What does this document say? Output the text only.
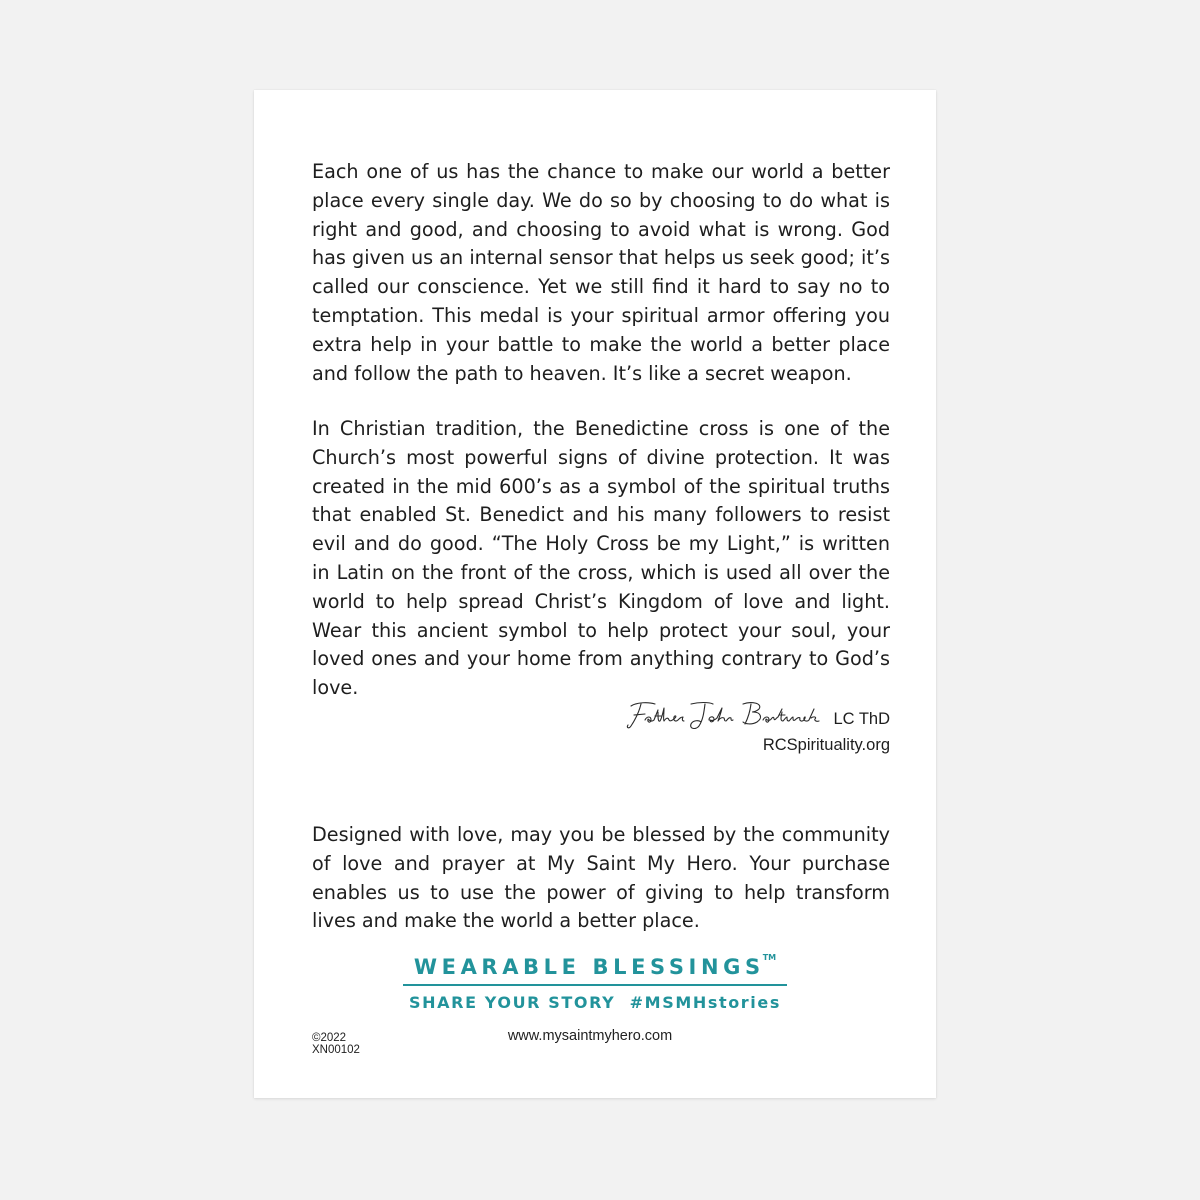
Each one of us has the chance to make our world a better place every single day. We do so by choosing to do what is right and good, and choosing to avoid what is wrong. God has given us an internal sensor that helps us seek good; it’s called our conscience. Yet we still find it hard to say no to temptation. This medal is your spiritual armor offering you extra help in your battle to make the world a better place and follow the path to heaven. It’s like a secret weapon.

In Christian tradition, the Benedictine cross is one of the Church’s most powerful signs of divine protection. It was created in the mid 600’s as a symbol of the spiritual truths that enabled St. Benedict and his many followers to resist evil and do good. “The Holy Cross be my Light,” is written in Latin on the front of the cross, which is used all over the world to help spread Christ’s Kingdom of love and light. Wear this ancient symbol to help protect your soul, your loved ones and your home from anything contrary to God’s love.

LC ThD
RCSpirituality.org

Designed with love, may you be blessed by the community of love and prayer at My Saint My Hero. Your purchase enables us to use the power of giving to help transform lives and make the world a better place.

WEARABLE BLESSINGS™
SHARE YOUR STORY  #MSMHstories
©2022
XN00102
www.mysaintmyhero.com
